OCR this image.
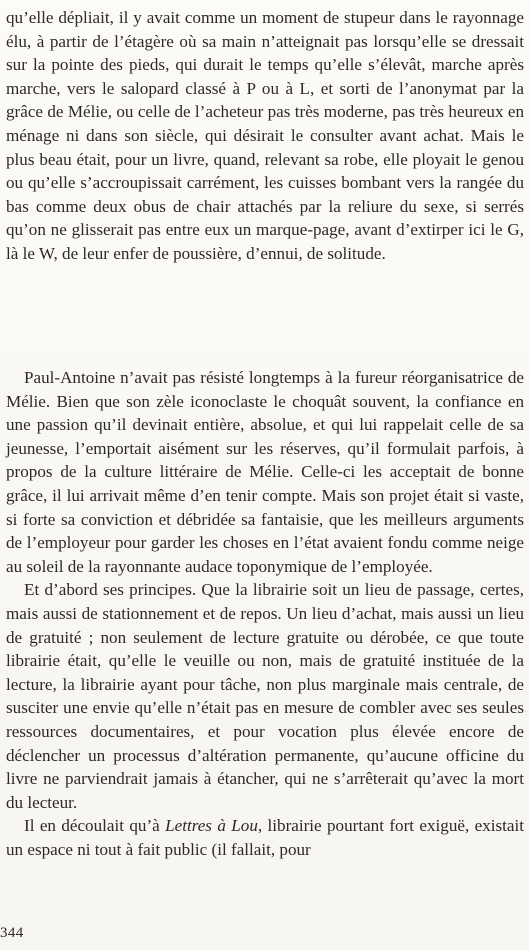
qu’elle dépliait, il y avait comme un moment de stupeur dans le rayonnage élu, à partir de l’étagère où sa main n’atteignait pas lorsqu’elle se dressait sur la pointe des pieds, qui durait le temps qu’elle s’élevât, marche après marche, vers le salopard classé à P ou à L, et sorti de l’anonymat par la grâce de Mélie, ou celle de l’acheteur pas très moderne, pas très heureux en ménage ni dans son siècle, qui désirait le consulter avant achat. Mais le plus beau était, pour un livre, quand, relevant sa robe, elle ployait le genou ou qu’elle s’accroupissait carrément, les cuisses bombant vers la rangée du bas comme deux obus de chair attachés par la reliure du sexe, si serrés qu’on ne glisserait pas entre eux un marque-page, avant d’extirper ici le G, là le W, de leur enfer de poussière, d’ennui, de solitude.

Paul-Antoine n’avait pas résisté longtemps à la fureur réorganisatrice de Mélie. Bien que son zèle iconoclaste le choquât souvent, la confiance en une passion qu’il devinait entière, absolue, et qui lui rappelait celle de sa jeunesse, l’emportait aisément sur les réserves, qu’il formulait parfois, à propos de la culture littéraire de Mélie. Celle-ci les acceptait de bonne grâce, il lui arrivait même d’en tenir compte. Mais son projet était si vaste, si forte sa conviction et débridée sa fantaisie, que les meilleurs arguments de l’employeur pour garder les choses en l’état avaient fondu comme neige au soleil de la rayonnante audace toponymique de l’employée.

Et d’abord ses principes. Que la librairie soit un lieu de passage, certes, mais aussi de stationnement et de repos. Un lieu d’achat, mais aussi un lieu de gratuité ; non seulement de lecture gratuite ou dérobée, ce que toute librairie était, qu’elle le veuille ou non, mais de gratuité instituée de la lecture, la librairie ayant pour tâche, non plus marginale mais centrale, de susciter une envie qu’elle n’était pas en mesure de combler avec ses seules ressources documentaires, et pour vocation plus élevée encore de déclencher un processus d’altération permanente, qu’aucune officine du livre ne parviendrait jamais à étancher, qui ne s’arrêterait qu’avec la mort du lecteur.

Il en découlait qu’à Lettres à Lou, librairie pourtant fort exiguë, existait un espace ni tout à fait public (il fallait, pour

344
